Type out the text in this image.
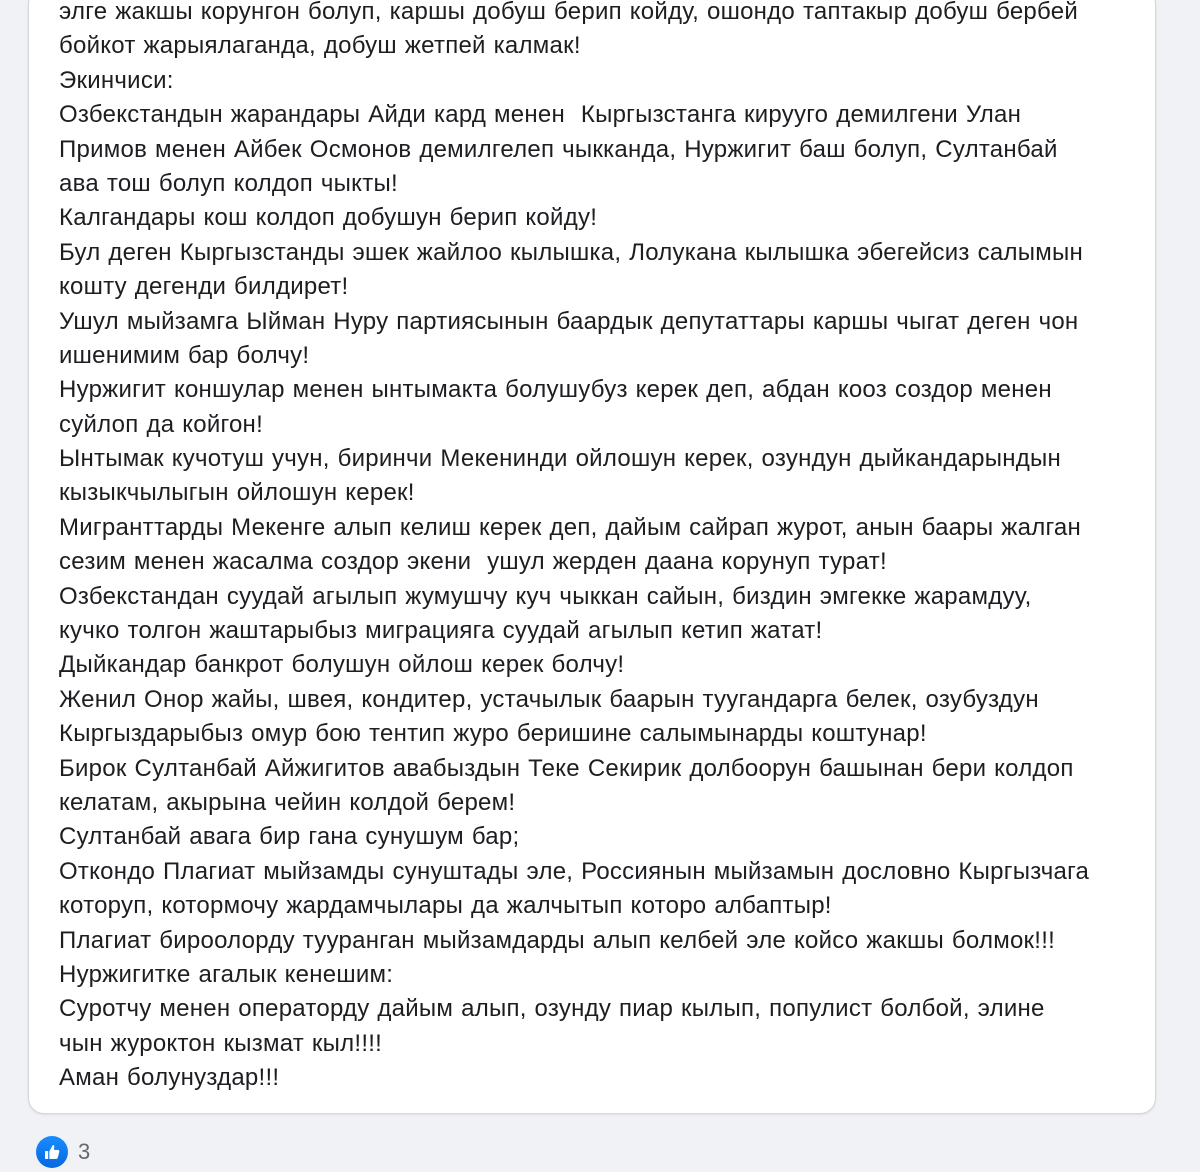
элге жакшы корунгон болуп, каршы добуш берип койду, ошондо таптакыр добуш бербей
бойкот жарыялаганда, добуш жетпей калмак!
Экинчиси:
Озбекстандын жарандары Айди кард менен  Кыргызстанга кирууго демилгени Улан
Примов менен Айбек Осмонов демилгелеп чыкканда, Нуржигит баш болуп, Султанбай
ава тош болуп колдоп чыкты!
Калгандары кош колдоп добушун берип койду!
Бул деген Кыргызстанды эшек жайлоо кылышка, Лолукана кылышка эбегейсиз салымын
кошту дегенди билдирет!
Ушул мыйзамга Ыйман Нуру партиясынын баардык депутаттары каршы чыгат деген чон
ишенимим бар болчу!
Нуржигит коншулар менен ынтымакта болушубуз керек деп, абдан кооз создор менен
суйлоп да койгон!
Ынтымак кучотуш учун, биринчи Мекенинди ойлошун керек, озундун дыйкандарындын
кызыкчылыгын ойлошун керек!
Мигранттарды Мекенге алып келиш керек деп, дайым сайрап журот, анын баары жалган
сезим менен жасалма создор экени  ушул жерден даана корунуп турат!
Озбекстандан суудай агылып жумушчу куч чыккан сайын, биздин эмгекке жарамдуу,
кучко толгон жаштарыбыз миграцияга суудай агылып кетип жатат!
Дыйкандар банкрот болушун ойлош керек болчу!
Женил Онор жайы, швея, кондитер, устачылык баарын туугандарга белек, озубуздун
Кыргыздарыбыз омур бою тентип журо беришине салымынарды коштунар!
Бирок Султанбай Айжигитов авабыздын Теке Секирик долбоорун башынан бери колдоп
келатам, акырына чейин колдой берем!
Султанбай авага бир гана сунушум бар;
Откондо Плагиат мыйзамды сунуштады эле, Россиянын мыйзамын дословно Кыргызчага
которуп, котормочу жардамчылары да жалчытып которо албаптыр!
Плагиат бироолорду тууранган мыйзамдарды алып келбей эле койсо жакшы болмок!!!
Нуржигитке агалык кенешим:
Суротчу менен операторду дайым алып, озунду пиар кылып, популист болбой, элине
чын журоктон кызмат кыл!!!!
Аман болунуздар!!!
3
